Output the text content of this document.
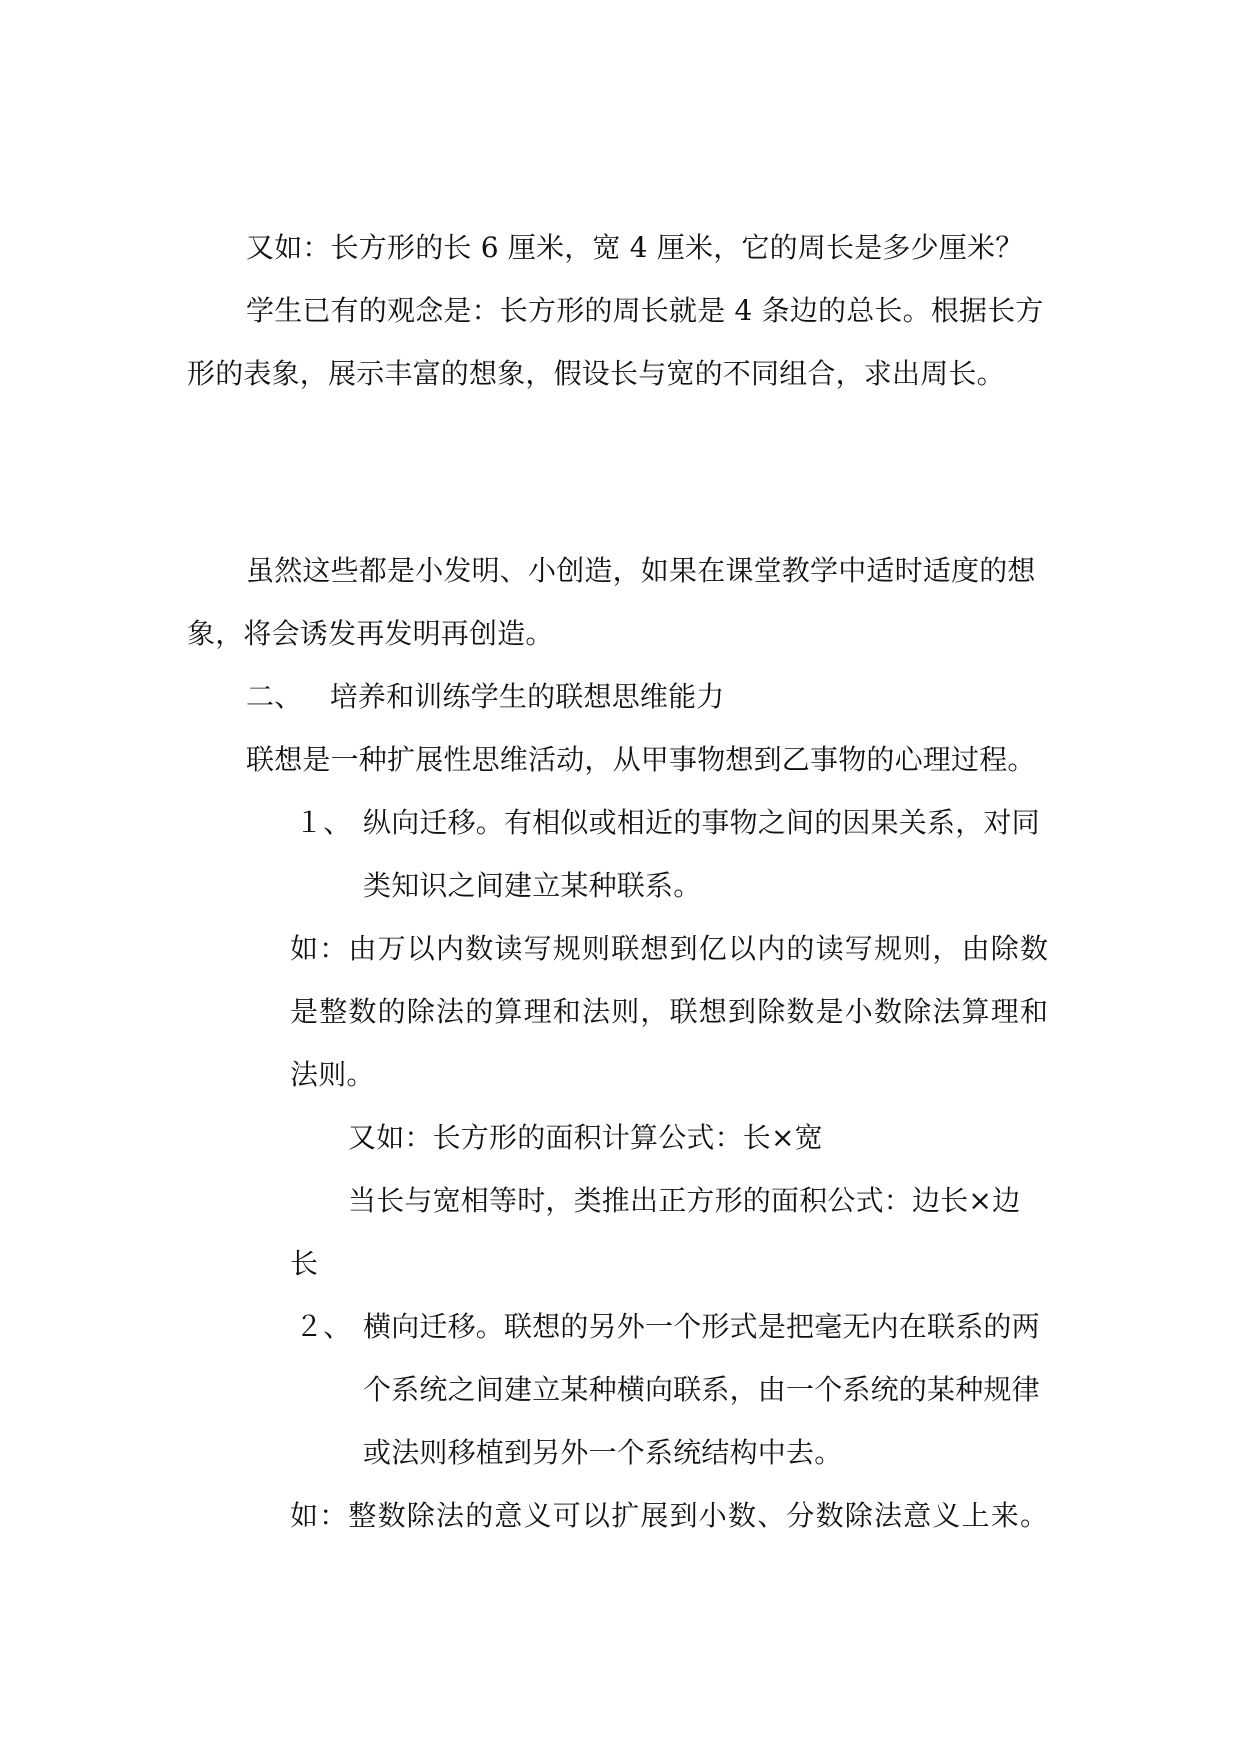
又如：长方形的长 6 厘米，宽 4 厘米，它的周长是多少厘米？

学生已有的观念是：长方形的周长就是 4 条边的总长。根据长方

形的表象，展示丰富的想象，假设长与宽的不同组合，求出周长。

虽然这些都是小发明、小创造，如果在课堂教学中适时适度的想

象，将会诱发再发明再创造。

二、   培养和训练学生的联想思维能力

联想是一种扩展性思维活动，从甲事物想到乙事物的心理过程。

１、 纵向迁移。有相似或相近的事物之间的因果关系，对同

类知识之间建立某种联系。

如：由万以内数读写规则联想到亿以内的读写规则，由除数

是整数的除法的算理和法则，联想到除数是小数除法算理和

法则。

又如：长方形的面积计算公式：长×宽

当长与宽相等时，类推出正方形的面积公式：边长×边

长

２、 横向迁移。联想的另外一个形式是把毫无内在联系的两

个系统之间建立某种横向联系，由一个系统的某种规律

或法则移植到另外一个系统结构中去。

如：整数除法的意义可以扩展到小数、分数除法意义上来。
